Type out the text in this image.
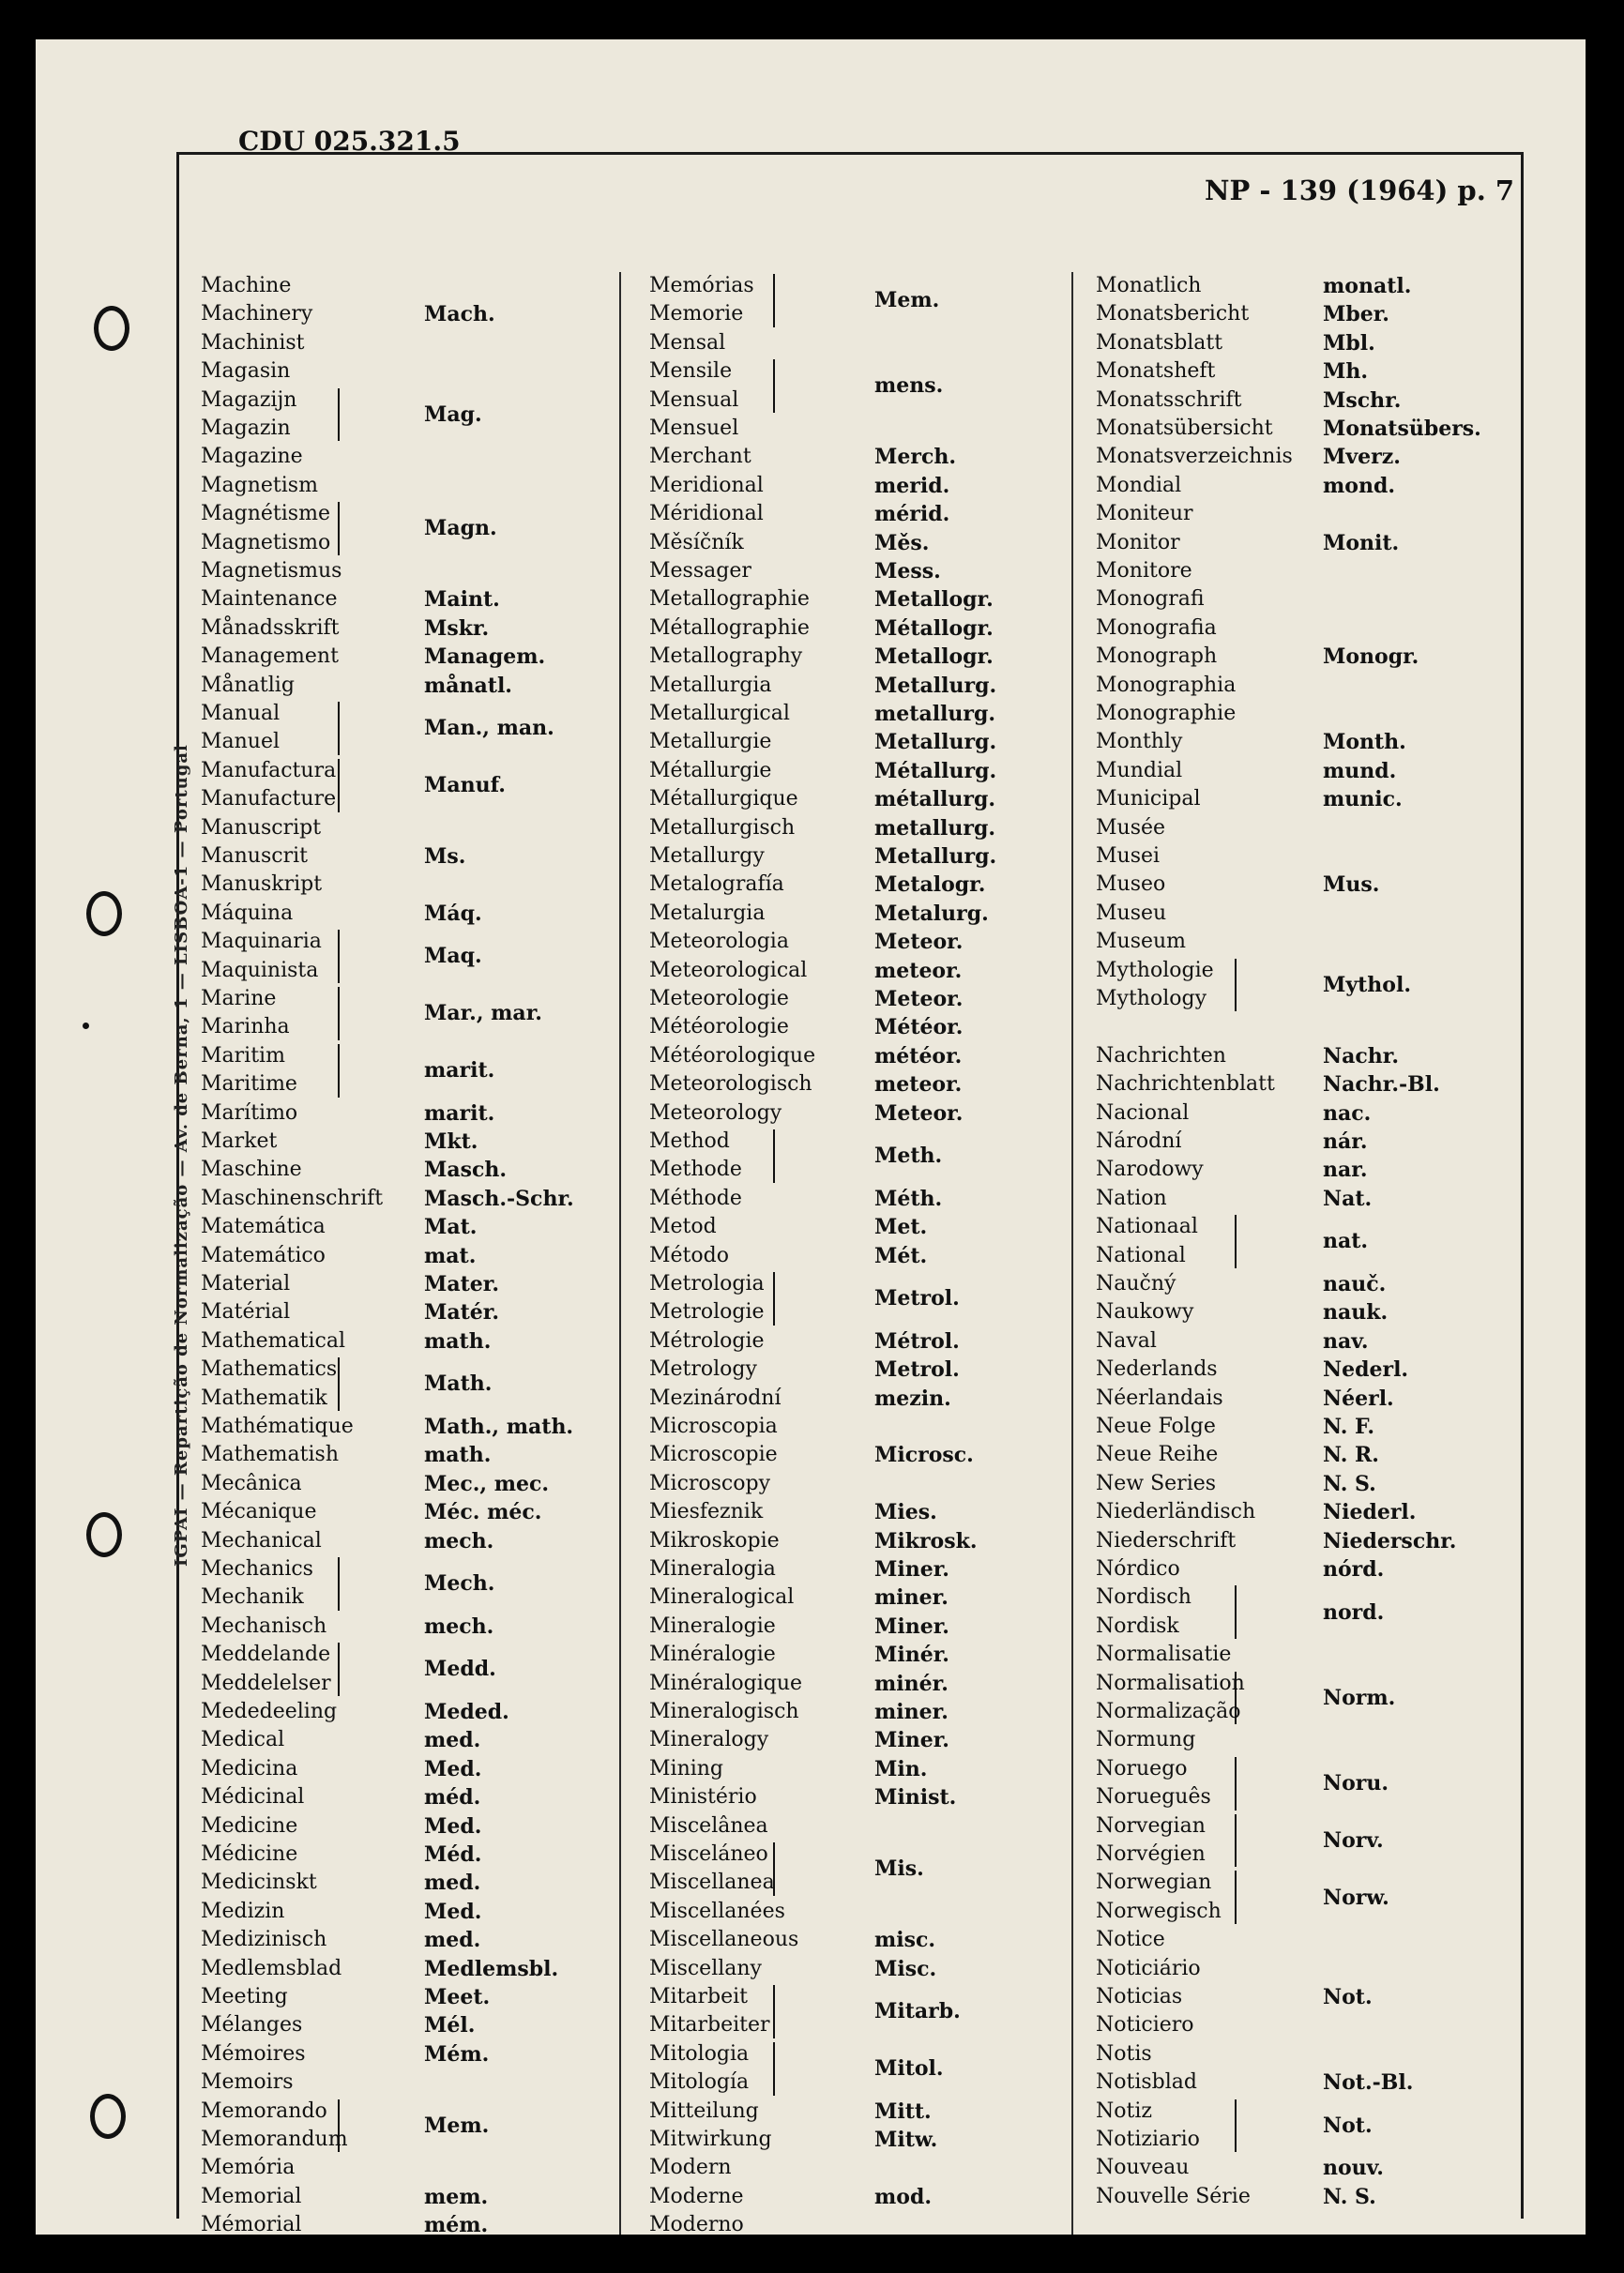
CDU 025.321.5
NP - 139 (1964) p. 7
IGPAI — Repartição de Normalização — Av. de Berna, 1 — LISBOA-1 — Portugal
Machine
Machinery
Machinist
Magasin
Magazijn
Magazin
Magazine
Magnetism
Magnétisme
Magnetismo
Magnetismus
Maintenance
Månadsskrift
Management
Månatlig
Manual
Manuel
Manufactura
Manufacture
Manuscript
Manuscrit
Manuskript
Máquina
Maquinaria
Maquinista
Marine
Marinha
Maritim
Maritime
Marítimo
Market
Maschine
Maschinenschrift
Matemática
Matemático
Material
Matérial
Mathematical
Mathematics
Mathematik
Mathématique
Mathematish
Mecânica
Mécanique
Mechanical
Mechanics
Mechanik
Mechanisch
Meddelande
Meddelelser
Mededeeling
Medical
Medicina
Médicinal
Medicine
Médicine
Medicinskt
Medizin
Medizinisch
Medlemsblad
Meeting
Mélanges
Mémoires
Memoirs
Memorando
Memorandum
Memória
Memorial
Mémorial
Mach.
Mag.
Magn.
Maint.
Mskr.
Managem.
månatl.
Man., man.
Manuf.
Ms.
Máq.
Maq.
Mar., mar.
marit.
marit.
Mkt.
Masch.
Masch.-Schr.
Mat.
mat.
Mater.
Matér.
math.
Math.
Math., math.
math.
Mec., mec.
Méc. méc.
mech.
Mech.
mech.
Medd.
Meded.
med.
Med.
méd.
Med.
Méd.
med.
Med.
med.
Medlemsbl.
Meet.
Mél.
Mém.
Mem.
mem.
mém.
Memórias
Memorie
Mensal
Mensile
Mensual
Mensuel
Merchant
Meridional
Méridional
Měsíčník
Messager
Metallographie
Métallographie
Metallography
Metallurgia
Metallurgical
Metallurgie
Métallurgie
Métallurgique
Metallurgisch
Metallurgy
Metalografía
Metalurgia
Meteorologia
Meteorological
Meteorologie
Météorologie
Météorologique
Meteorologisch
Meteorology
Method
Methode
Méthode
Metod
Método
Metrologia
Metrologie
Métrologie
Metrology
Mezinárodní
Microscopia
Microscopie
Microscopy
Miesfeznik
Mikroskopie
Mineralogia
Mineralogical
Mineralogie
Minéralogie
Minéralogique
Mineralogisch
Mineralogy
Mining
Ministério
Miscelânea
Misceláneo
Miscellanea
Miscellanées
Miscellaneous
Miscellany
Mitarbeit
Mitarbeiter
Mitologia
Mitología
Mitteilung
Mitwirkung
Modern
Moderne
Moderno
Mem.
mens.
Merch.
merid.
mérid.
Měs.
Mess.
Metallogr.
Métallogr.
Metallogr.
Metallurg.
metallurg.
Metallurg.
Métallurg.
métallurg.
metallurg.
Metallurg.
Metalogr.
Metalurg.
Meteor.
meteor.
Meteor.
Météor.
météor.
meteor.
Meteor.
Meth.
Méth.
Met.
Mét.
Metrol.
Métrol.
Metrol.
mezin.
Microsc.
Mies.
Mikrosk.
Miner.
miner.
Miner.
Minér.
minér.
miner.
Miner.
Min.
Minist.
Mis.
misc.
Misc.
Mitarb.
Mitol.
Mitt.
Mitw.
mod.
Monatlich
Monatsbericht
Monatsblatt
Monatsheft
Monatsschrift
Monatsübersicht
Monatsverzeichnis
Mondial
Moniteur
Monitor
Monitore
Monografi
Monografia
Monograph
Monographia
Monographie
Monthly
Mundial
Municipal
Musée
Musei
Museo
Museu
Museum
Mythologie
Mythology
Nachrichten
Nachrichtenblatt
Nacional
Národní
Narodowy
Nation
Nationaal
National
Naučný
Naukowy
Naval
Nederlands
Néerlandais
Neue Folge
Neue Reihe
New Series
Niederländisch
Niederschrift
Nórdico
Nordisch
Nordisk
Normalisatie
Normalisation
Normalização
Normung
Noruego
Norueguês
Norvegian
Norvégien
Norwegian
Norwegisch
Notice
Noticiário
Noticias
Noticiero
Notis
Notisblad
Notiz
Notiziario
Nouveau
Nouvelle Série
monatl.
Mber.
Mbl.
Mh.
Mschr.
Monatsübers.
Mverz.
mond.
Monit.
Monogr.
Month.
mund.
munic.
Mus.
Mythol.
Nachr.
Nachr.-Bl.
nac.
nár.
nar.
Nat.
nat.
nauč.
nauk.
nav.
Nederl.
Néerl.
N. F.
N. R.
N. S.
Niederl.
Niederschr.
nórd.
nord.
Norm.
Noru.
Norv.
Norw.
Not.
Not.-Bl.
Not.
nouv.
N. S.
